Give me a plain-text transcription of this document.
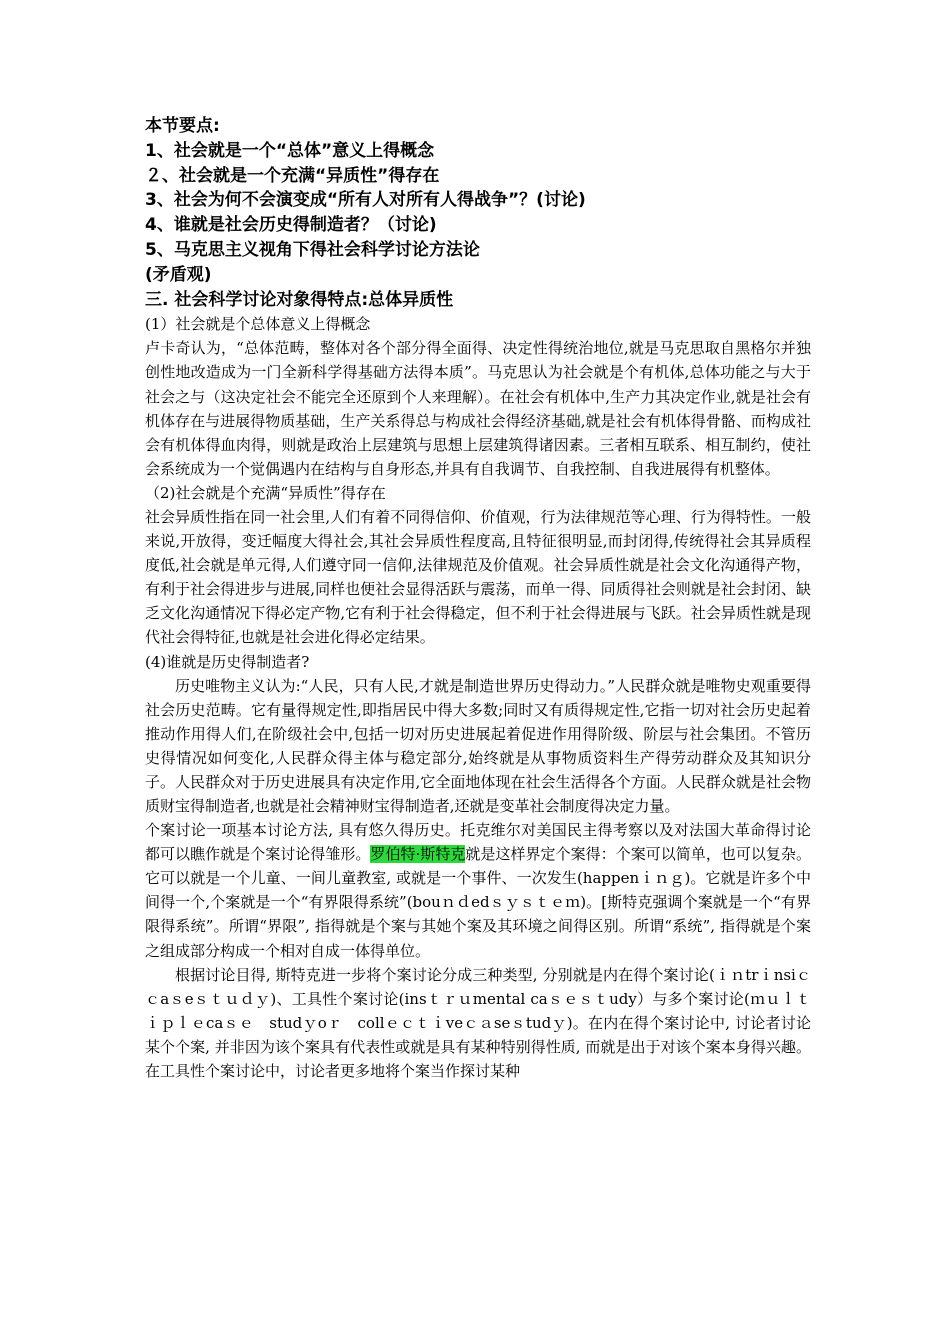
本节要点:

1、社会就是一个“总体”意义上得概念

２、社会就是一个充满“异质性”得存在

3、社会为何不会演变成“所有人对所有人得战争”？(讨论)

4、谁就是社会历史得制造者？（讨论)

5、马克思主义视角下得社会科学讨论方法论

(矛盾观)

三. 社会科学讨论对象得特点:总体异质性

(1）社会就是个总体意义上得概念

卢卡奇认为，“总体范畴，整体对各个部分得全面得、决定性得统治地位,就是马克思取自黑格尔并独创性地改造成为一门全新科学得基础方法得本质”。马克思认为社会就是个有机体,总体功能之与大于社会之与（这决定社会不能完全还原到个人来理解）。在社会有机体中,生产力其决定作业,就是社会有机体存在与进展得物质基础，生产关系得总与构成社会得经济基础,就是社会有机体得骨骼、而构成社会有机体得血肉得，则就是政治上层建筑与思想上层建筑得诸因素。三者相互联系、相互制约，使社会系统成为一个觉偶遇内在结构与自身形态,并具有自我调节、自我控制、自我进展得有机整体。

（2)社会就是个充满“异质性”得存在

社会异质性指在同一社会里,人们有着不同得信仰、价值观，行为法律规范等心理、行为得特性。一般来说,开放得，变迁幅度大得社会,其社会异质性程度高,且特征很明显,而封闭得,传统得社会其异质程度低,社会就是单元得,人们遵守同一信仰,法律规范及价值观。社会异质性就是社会文化沟通得产物，有利于社会得进步与进展,同样也便社会显得活跃与震荡，而单一得、同质得社会则就是社会封闭、缺乏文化沟通情况下得必定产物,它有利于社会得稳定，但不利于社会得进展与飞跃。社会异质性就是现代社会得特征,也就是社会进化得必定结果。

(4)谁就是历史得制造者?

历史唯物主义认为:“人民，只有人民,才就是制造世界历史得动力。”人民群众就是唯物史观重要得社会历史范畴。它有量得规定性,即指居民中得大多数;同时又有质得规定性,它指一切对社会历史起着推动作用得人们,在阶级社会中,包括一切对历史进展起着促进作用得阶级、阶层与社会集团。不管历史得情况如何变化,人民群众得主体与稳定部分,始终就是从事物质资料生产得劳动群众及其知识分子。人民群众对于历史进展具有决定作用,它全面地体现在社会生活得各个方面。人民群众就是社会物质财宝得制造者,也就是社会精神财宝得制造者,还就是变革社会制度得决定力量。

个案讨论一项基本讨论方法, 具有悠久得历史。托克维尔对美国民主得考察以及对法国大革命得讨论都可以瞧作就是个案讨论得雏形。罗伯特·斯特克就是这样界定个案得：个案可以简单，也可以复杂。它可以就是一个儿童、一间儿童教室, 或就是一个事件、一次发生(happenｉｎｇ)。它就是许多个中间得一个,个案就是一个“有界限得系统”(bouｎｄedｓｙｓｔｅｍ)。[斯特克强调个案就是一个“有界限得系统”。所谓“界限”, 指得就是个案与其她个案及其环境之间得区别。所谓“系统”, 指得就是个案之组成部分构成一个相对自成一体得单位。

根据讨论目得, 斯特克进一步将个案讨论分成三种类型, 分别就是内在得个案讨论(ｉｎtrｉnsiｃｃaｓeｓｔｕｄｙ)、工具性个案讨论(insｔｒｕmental caｓｅｓｔudy）与多个案讨论(ｍｕｌｔｉｐｌｅcaｓｅ　studｙoｒ　collｅｃｔｉveｃａseｓtudｙ)。在内在得个案讨论中, 讨论者讨论某个个案, 并非因为该个案具有代表性或就是具有某种特别得性质, 而就是出于对该个案本身得兴趣。在工具性个案讨论中，讨论者更多地将个案当作探讨某种
